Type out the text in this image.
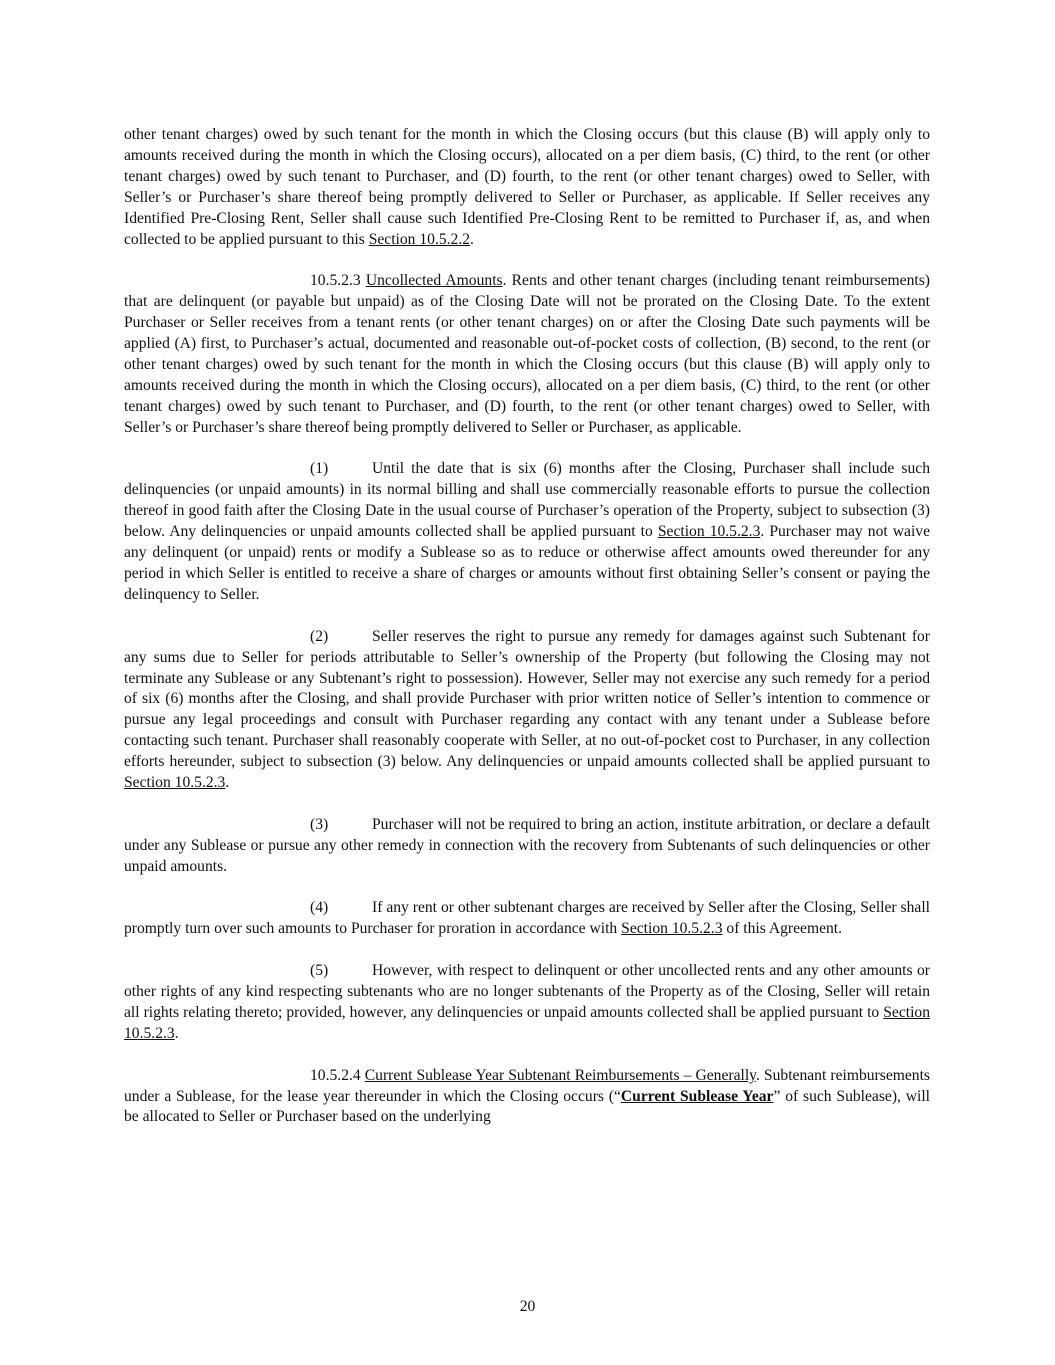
other tenant charges) owed by such tenant for the month in which the Closing occurs (but this clause (B) will apply only to amounts received during the month in which the Closing occurs), allocated on a per diem basis, (C) third, to the rent (or other tenant charges) owed by such tenant to Purchaser, and (D) fourth, to the rent (or other tenant charges) owed to Seller, with Seller’s or Purchaser’s share thereof being promptly delivered to Seller or Purchaser, as applicable. If Seller receives any Identified Pre-Closing Rent, Seller shall cause such Identified Pre-Closing Rent to be remitted to Purchaser if, as, and when collected to be applied pursuant to this Section 10.5.2.2.

10.5.2.3 Uncollected Amounts. Rents and other tenant charges (including tenant reimbursements) that are delinquent (or payable but unpaid) as of the Closing Date will not be prorated on the Closing Date. To the extent Purchaser or Seller receives from a tenant rents (or other tenant charges) on or after the Closing Date such payments will be applied (A) first, to Purchaser’s actual, documented and reasonable out-of-pocket costs of collection, (B) second, to the rent (or other tenant charges) owed by such tenant for the month in which the Closing occurs (but this clause (B) will apply only to amounts received during the month in which the Closing occurs), allocated on a per diem basis, (C) third, to the rent (or other tenant charges) owed by such tenant to Purchaser, and (D) fourth, to the rent (or other tenant charges) owed to Seller, with Seller’s or Purchaser’s share thereof being promptly delivered to Seller or Purchaser, as applicable.

(1)	Until the date that is six (6) months after the Closing, Purchaser shall include such delinquencies (or unpaid amounts) in its normal billing and shall use commercially reasonable efforts to pursue the collection thereof in good faith after the Closing Date in the usual course of Purchaser’s operation of the Property, subject to subsection (3) below. Any delinquencies or unpaid amounts collected shall be applied pursuant to Section 10.5.2.3. Purchaser may not waive any delinquent (or unpaid) rents or modify a Sublease so as to reduce or otherwise affect amounts owed thereunder for any period in which Seller is entitled to receive a share of charges or amounts without first obtaining Seller’s consent or paying the delinquency to Seller.

(2)	Seller reserves the right to pursue any remedy for damages against such Subtenant for any sums due to Seller for periods attributable to Seller’s ownership of the Property (but following the Closing may not terminate any Sublease or any Subtenant’s right to possession). However, Seller may not exercise any such remedy for a period of six (6) months after the Closing, and shall provide Purchaser with prior written notice of Seller’s intention to commence or pursue any legal proceedings and consult with Purchaser regarding any contact with any tenant under a Sublease before contacting such tenant. Purchaser shall reasonably cooperate with Seller, at no out-of-pocket cost to Purchaser, in any collection efforts hereunder, subject to subsection (3) below. Any delinquencies or unpaid amounts collected shall be applied pursuant to Section 10.5.2.3.

(3)	Purchaser will not be required to bring an action, institute arbitration, or declare a default under any Sublease or pursue any other remedy in connection with the recovery from Subtenants of such delinquencies or other unpaid amounts.

(4)	If any rent or other subtenant charges are received by Seller after the Closing, Seller shall promptly turn over such amounts to Purchaser for proration in accordance with Section 10.5.2.3 of this Agreement.

(5)	However, with respect to delinquent or other uncollected rents and any other amounts or other rights of any kind respecting subtenants who are no longer subtenants of the Property as of the Closing, Seller will retain all rights relating thereto; provided, however, any delinquencies or unpaid amounts collected shall be applied pursuant to Section 10.5.2.3.

10.5.2.4 Current Sublease Year Subtenant Reimbursements – Generally. Subtenant reimbursements under a Sublease, for the lease year thereunder in which the Closing occurs (“Current Sublease Year” of such Sublease), will be allocated to Seller or Purchaser based on the underlying

20
